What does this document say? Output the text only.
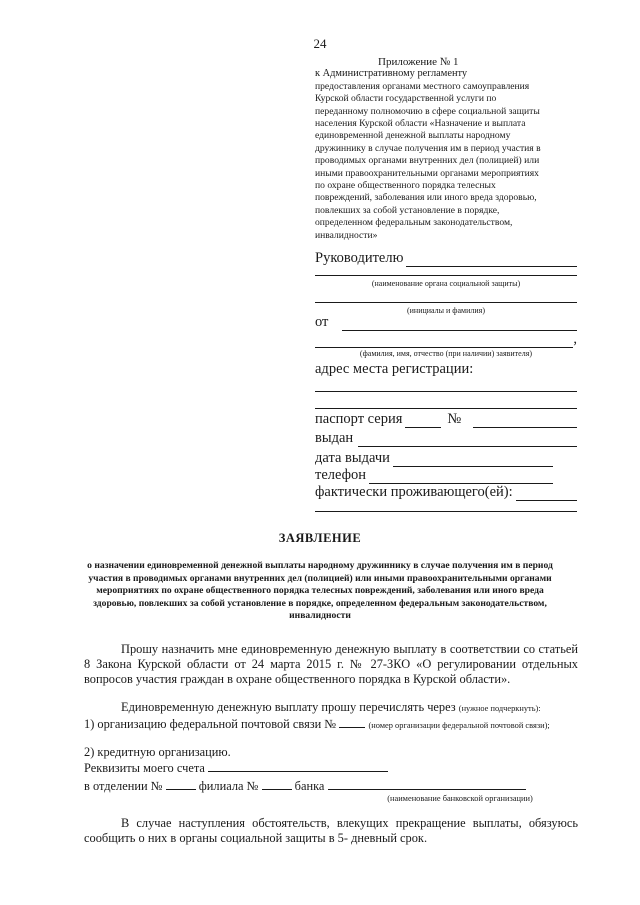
24
Приложение № 1
к Административному регламенту
предоставления органами местного самоуправления
Курской области государственной услуги по
переданному полномочию в сфере социальной защиты
населения Курской области «Назначение и выплата
единовременной денежной выплаты народному
дружиннику в случае получения им в период участия в
проводимых органами внутренних дел (полицией) или
иными правоохранительными органами мероприятиях
по охране общественного порядка телесных
повреждений, заболевания или иного вреда здоровью,
повлекших за собой установление в порядке,
определенном федеральным законодательством,
инвалидности»
Руководителю
(наименование органа социальной защиты)
(инициалы и фамилия)
от
,
(фамилия, имя, отчество (при наличии) заявителя)
адрес места регистрации:
паспорт серия	№
выдан
дата выдачи
телефон
фактически проживающего(ей):
ЗАЯВЛЕНИЕ
о назначении единовременной денежной выплаты народному дружиннику в случае получения им в период участия в проводимых органами внутренних дел (полицией) или иными правоохранительными органами мероприятиях по охране общественного порядка телесных повреждений, заболевания или иного вреда здоровью, повлекших за собой установление в порядке, определенном федеральным законодательством, инвалидности
Прошу назначить мне единовременную денежную выплату в соответствии со статьей 8 Закона Курской области от 24 марта 2015 г. № 27-ЗКО «О регулировании отдельных вопросов участия граждан в охране общественного порядка в Курской области».
Единовременную денежную выплату прошу перечислять через (нужное подчеркнуть):
1) организацию федеральной почтовой связи №	(номер организации федеральной почтовой связи);
2) кредитную организацию.
Реквизиты моего счета
в отделении №	филиала №	банка
(наименование банковской организации)
В случае наступления обстоятельств, влекущих прекращение выплаты, обязуюсь сообщить о них в органы социальной защиты в 5- дневный срок.
